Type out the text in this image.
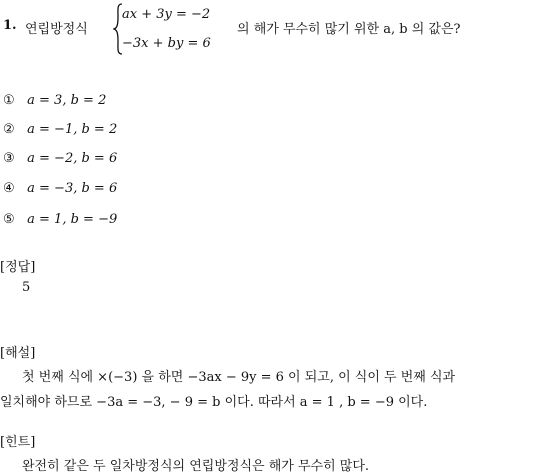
1. 연립방정식
ax + 3y = −2
−3x + by = 6
의 해가 무수히 많기 위한 a, b 의 값은?
① a = 3, b = 2
② a = −1, b = 2
③ a = −2, b = 6
④ a = −3, b = 6
⑤ a = 1, b = −9
[정답]
5
[해설]
첫 번째 식에 ×(−3) 을 하면 −3ax − 9y = 6 이 되고, 이 식이 두 번째 식과
일치해야 하므로 −3a = −3, − 9 = b 이다. 따라서 a = 1 , b = −9 이다.
[힌트]
완전히 같은 두 일차방정식의 연립방정식은 해가 무수히 많다.
